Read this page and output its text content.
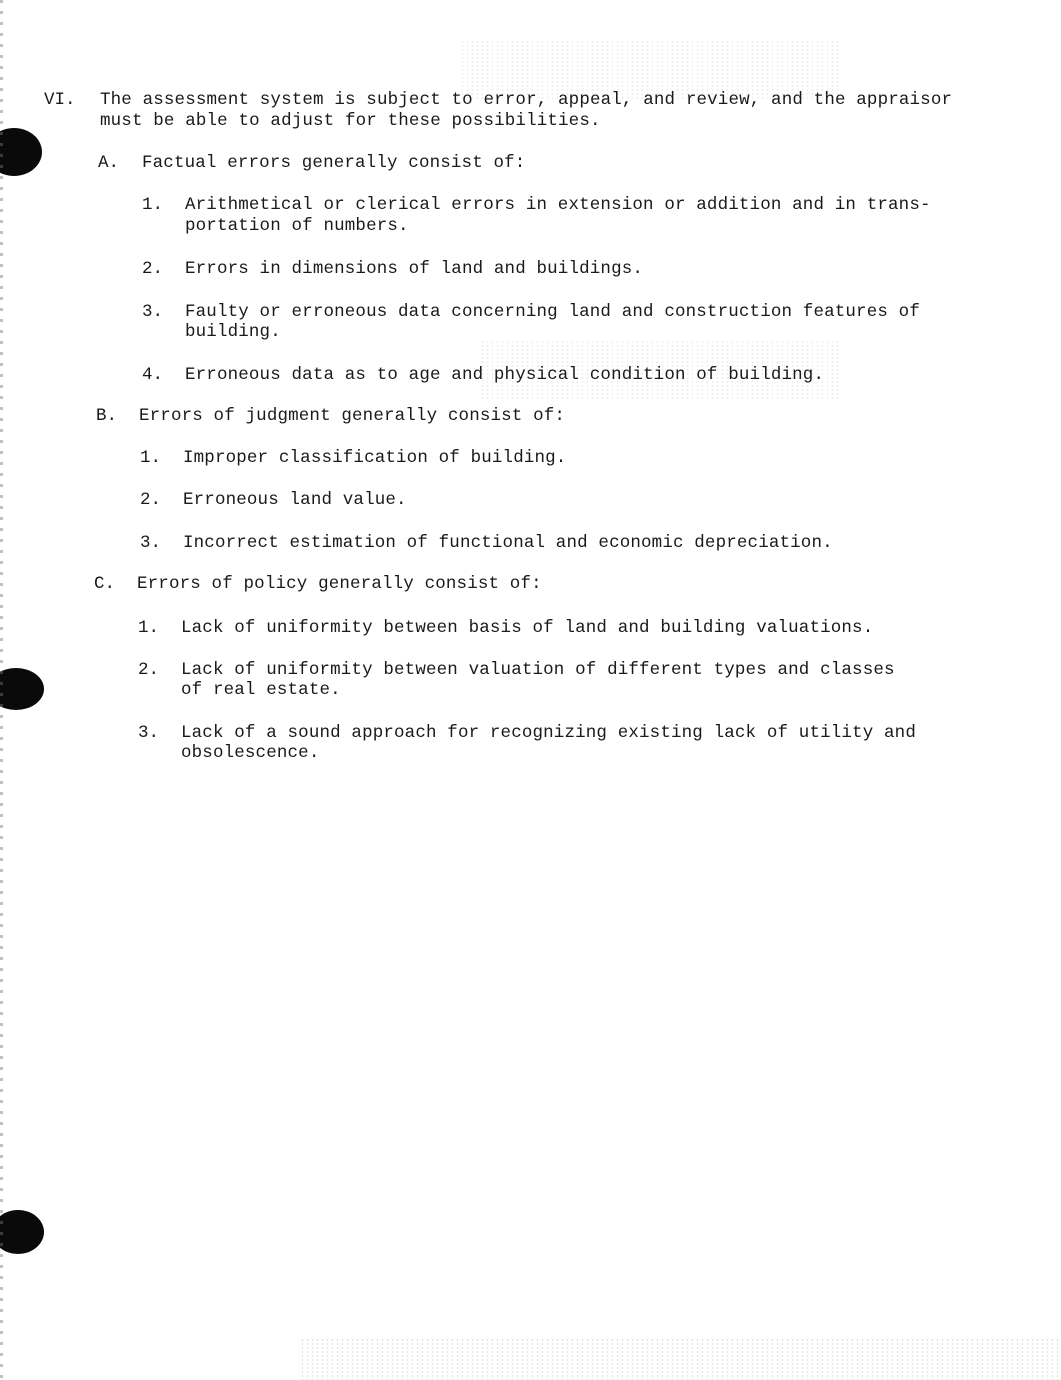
VI. The assessment system is subject to error, appeal, and review, and the appraisor
must be able to adjust for these possibilities.
A. Factual errors generally consist of:
1. Arithmetical or clerical errors in extension or addition and in trans-
portation of numbers.
2. Errors in dimensions of land and buildings.
3. Faulty or erroneous data concerning land and construction features of
building.
4. Erroneous data as to age and physical condition of building.
B. Errors of judgment generally consist of:
1. Improper classification of building.
2. Erroneous land value.
3. Incorrect estimation of functional and economic depreciation.
C. Errors of policy generally consist of:
1. Lack of uniformity between basis of land and building valuations.
2. Lack of uniformity between valuation of different types and classes
of real estate.
3. Lack of a sound approach for recognizing existing lack of utility and
obsolescence.
